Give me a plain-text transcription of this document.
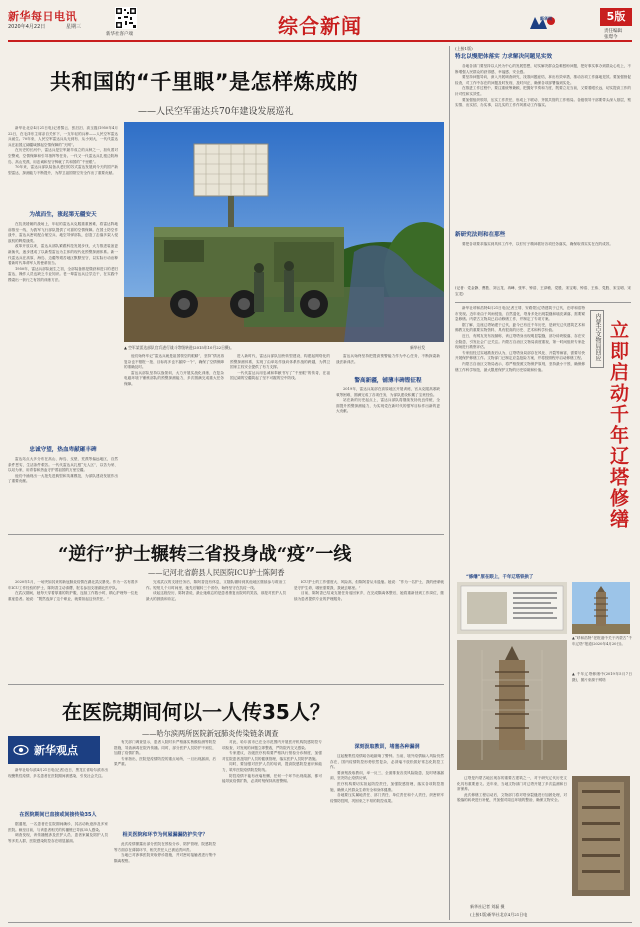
新华每日电讯
2020年4月22日	星期三
新华社客户端	综合新闻	新华网	5版
责任编辑
张璟今
共和国的“千里眼”是怎样炼成的
——人民空军雷达兵70年建设发展巡礼

新华社北京4月21日电(记者黎云、张汨汨、高玉磊)1950年4月22日，在毛泽东主席亲自关怀下，一支年轻的兵种——人民空军雷达兵诞生。70年来，人民空军雷达兵从无到有、从小到大，一代代雷达兵在祖国辽阔疆域撑起空情保障的“天网”。

在历史的长河中，雷达兵是空军最早成立的兵种之一，担负着对空警戒、空情保障和引导指挥等任务。一代又一代雷达兵扎根边防海岛、高山荒漠，用忠诚和坚守铸就了共和国的“千里眼”。

70年来，雷达兵部队装备从老旧的苏式雷达发展到今天的国产新型雷达，探测能力不断提升，为捍卫祖国领空安全作出了重要贡献。

为战而生，涨起第无疆安天

在抗美援朝的战场上，年轻的雷达兵克服重重困难，将雷达阵地前推至一线，为我军飞行部队提供了可靠的空情保障。在国土防空作战中，雷达兵密切配合航空兵、地空导弹部队，创造了击落多架入侵敌机的辉煌战绩。

改革开放以来，雷达兵部队紧跟科技发展步伐，大力推进装备更新换代，逐步建成了以新型雷达为主体的现代化预警探测体系。新一代雷达兵在高原、海岛、边疆等艰苦地区默默坚守，以实际行动诠释着新时代革命军人的使命担当。

1950年，雷达兵部队诞生之初，全部装备都是缴获和进口的老旧雷达，操作人员也缺乏专业知识。老一辈雷达兵边学边干，在实践中摸索出一套行之有效的训练方法。

忠诚守望，热血卑献砸丰碑

雷达站点大多分布在高山、海岛、戈壁、荒漠等偏远地区，自然条件恶劣，生活条件艰苦。一代代雷达兵扎根“无人区”，以苦为荣、以站为家，用青春和热血守护着祖国的万里空疆。

他们中涌现出一大批先进典型和英雄模范，为部队建设发展作出了重要贡献。

▲ 空军某雷达部队官兵进行战斗等级转进(2015年10月22日摄)。	新华社发

他们始终牢记“雷达兵就是祖国领空的眼睛”，坚持“情况再复杂也不错报一批、目标再多也不漏掉一个”，确保了空情保障的准确及时。

雷达兵部队坚持以战领训，大力开展实战化训练，在复杂电磁环境下锤炼部队的预警探测能力，多次圆满完成重大任务保障。

进入新时代，雷达兵部队加快转型建设，构建起网络化的预警探测体系，实现了由单站作战向体系作战的跨越，为捍卫国家主权安全提供了有力支撑。

一代代雷达兵用忠诚和奉献书写了“千里眼”的传奇，在祖国辽阔的空疆筑起了坚不可摧的空中防线。	警高新疆，铺薄丰碑铿征程

雷达兵始终坚持把提高预警能力作为中心任务，不断探索新战法新训法。

2019年，雷达兵某部在高原地区开展训练，官兵克服高寒缺氧等困难，圆满完成了各项任务，为部队建设积累了宝贵经验。

站在新的历史起点上，雷达兵部队将继续发扬优良传统，全面提升预警探测能力，为实现党在新时代的强军目标作出新的更大贡献。

(上接1版)
特北以慢肥体落实 力求解决问题见实效

各地各部门要坚持以人民为中心的发展思想，切实解决群众急难愁盼问题，把好事实事办到群众心坎上，不断增强人民群众的获得感、幸福感、安全感。

要坚持问题导向，深入开展调查研究，找准问题症结，拿出有效举措，推动各项工作落地见效。要加强督促检查，对工作中存在的问题及时发现、及时纠正，确保各项部署落到实处。

在推进工作过程中，要注重统筹兼顾，把握好节奏和力度，既要立足当前，又要着眼长远，切实提高工作的针对性和实效性。

要加强组织领导，压实工作责任，形成上下联动、齐抓共管的工作格局。各级领导干部要带头深入基层，察实情、出实招、办实事，以扎实的工作作风推动工作落实。

新研究法则和在那些

要把各项要求落实到具体工作中，以钉钉子精神抓好各项任务落实，确保取得实实在在的成效。

(记者：党金静、曹胜、刘云龙、冉峰、张军、钟浩、王泽敏、党胜、宋宝明、钟浩、王伟、党胜、宋宝明、宋宝龙)
内蒙古文物局回应 立即启动千年辽塔修缮

新华社呼和浩特4月21日电(记者王靖、安路蒙)辽塔建筑于辽代，在呼和浩特市发现。近年来由于风雨侵蚀、自然退化，塔身多处出现裂缝和墙皮剥落，需要紧急修缮。内蒙古文物局已启动修缮工作，并制定了专项方案。

据了解，这座辽塔始建于辽代，距今已有近千年历史，是研究辽代建筑艺术和佛教文化的重要实物资料，具有很高的历史、艺术和科学价值。

近日，有网友发布视频称，该辽塔塔身出现明显裂缝，部分砖块脱落，存在安全隐患，引发社会广泛关注。内蒙古自治区文物局高度重视，第一时间组织专家赴现场进行勘察评估。

专家组经过实地勘查后认为，辽塔塔身局部存在风化、开裂等病害，需要尽快开展保护修缮工作。文物部门已制定应急抢险方案，并将按照程序启动修缮工程。

内蒙古自治区文物局表示，将严格按照文物保护原则，坚持最小干预，确保修缮工作科学规范，最大限度保护文物的历史原貌和价值。

“修缮”原在眼上，千年辽塔铁拱了
▲“呼和浩特”老报道中关于内蒙古“千年辽塔”报道(2020年4月20日)。
▲ 千年辽塔修缮中(2019年5月7日摄)，图片来源于网络

辽塔是内蒙古地区现存的重要古建筑之一，对于研究辽代历史文化具有重要意义。近年来，当地文物部门对辽塔开展了多次监测和日常保养。

此次修缮工程启动后，文物部门将对塔身裂缝进行加固处理，对脱落的砖块进行补配，并加强对周边环境的整治，确保文物安全。

新华社记者 刘磊 摄
(上接1版)新华社北京4月21日电
“逆行”护士辗转三省投身战“疫”一线
——记河北省蔚县人民医院ICU护士陈阿香

2020年1月，一场突如其来的新冠肺炎疫情在湖北武汉暴发。作为一名有着多年ICU工作经验的护士，陈阿香主动请缨，报名参加支援湖北医疗队。

在武汉期间，她每天穿着厚重的防护服，连续工作数小时，精心护理每一位危重症患者。她说：“既然选择了这个职业，就要担起这份责任。”

完成武汉的支援任务后，陈阿香没有休息，又随队辗转到其他地区继续参与救治工作。短短几个月时间里，她先后辗转三个省份，始终坚守在抗疫一线。

谈起这段经历，陈阿香说，最让她难忘的是患者康复出院时的笑容，那是对医护人员最大的鼓励和肯定。

ICU护士的工作强度大、风险高，但陈阿香从未退缩。她说：“作为一名护士，我的使命就是守护生命，哪里需要我，我就去哪里。”

目前，陈阿香已结束支援任务返回家乡，在完成隔离休整后，她将重新回到工作岗位，继续为患者提供专业的护理服务。

在医院期间何以一人传35人？
——哈尔滨两所医院新冠肺炎传染链条调查
新华观点

新华社哈尔滨4月21日电(记者)近日，黑龙江省哈尔滨市出现聚集性疫情，多名患者在医院期间被感染，引发社会关注。

在医院期间已直接或间接传染35人

据通报，一名患者在住院期间确诊，其活动轨迹涉及多家医院。截至目前，与该患者相关的传播链已导致35人感染。

调查发现，该传播链涉及医护人员、患者家属及陪护人员等多类人群，医院感染防控存在明显漏洞。

有关部门调查显示，患者入院时未严格落实核酸检测等防控措施，导致病毒在院内传播。同时，部分医护人员防护不到位，加剧了疫情扩散。

专家指出，医院是疫情防控的重点场所，一旦出现漏洞，后果严重。

相关医院和环节为何屋漏漏防护失守？

此次疫情暴露出部分医院在预检分诊、陪护管理、院感防控等方面存在薄弱环节，相关责任人已被追责问责。

当地已对涉事医院采取停诊措施，并对密切接触者进行集中隔离观察。

对此，哈尔滨市已在全市范围内开展医疗机构院感防控专项检查，对发现的问题立即整改，严防院内交叉感染。

专家建议，各级医疗机构要严格执行预检分诊制度，加强对住院患者及陪护人员的健康管理，落实医护人员防护措施。

同时，要加强对医护人员的培训，提高院感防控意识和能力，筑牢医院疫情防控防线。

防控疫情不能有丝毫松懈，任何一个环节出现疏漏，都可能导致疫情扩散，必须时刻保持高度警惕。

深刻汲取教训，堵塞各种漏洞

这起聚集性疫情给各地敲响了警钟。当前，境外疫情输入风险仍然存在，国内疫情防控形势依然复杂，必须毫不放松抓好常态化防控工作。

要深刻汲取教训，举一反三，全面排查各类风险隐患，及时堵塞漏洞，坚决防止疫情反弹。

医疗机构要切实担起防控责任，加强院感管理，落实各项防控措施，确保人民群众生命安全和身体健康。

各地要压实属地责任、部门责任、单位责任和个人责任，织密织牢疫情防控网，巩固来之不易的防控成果。
